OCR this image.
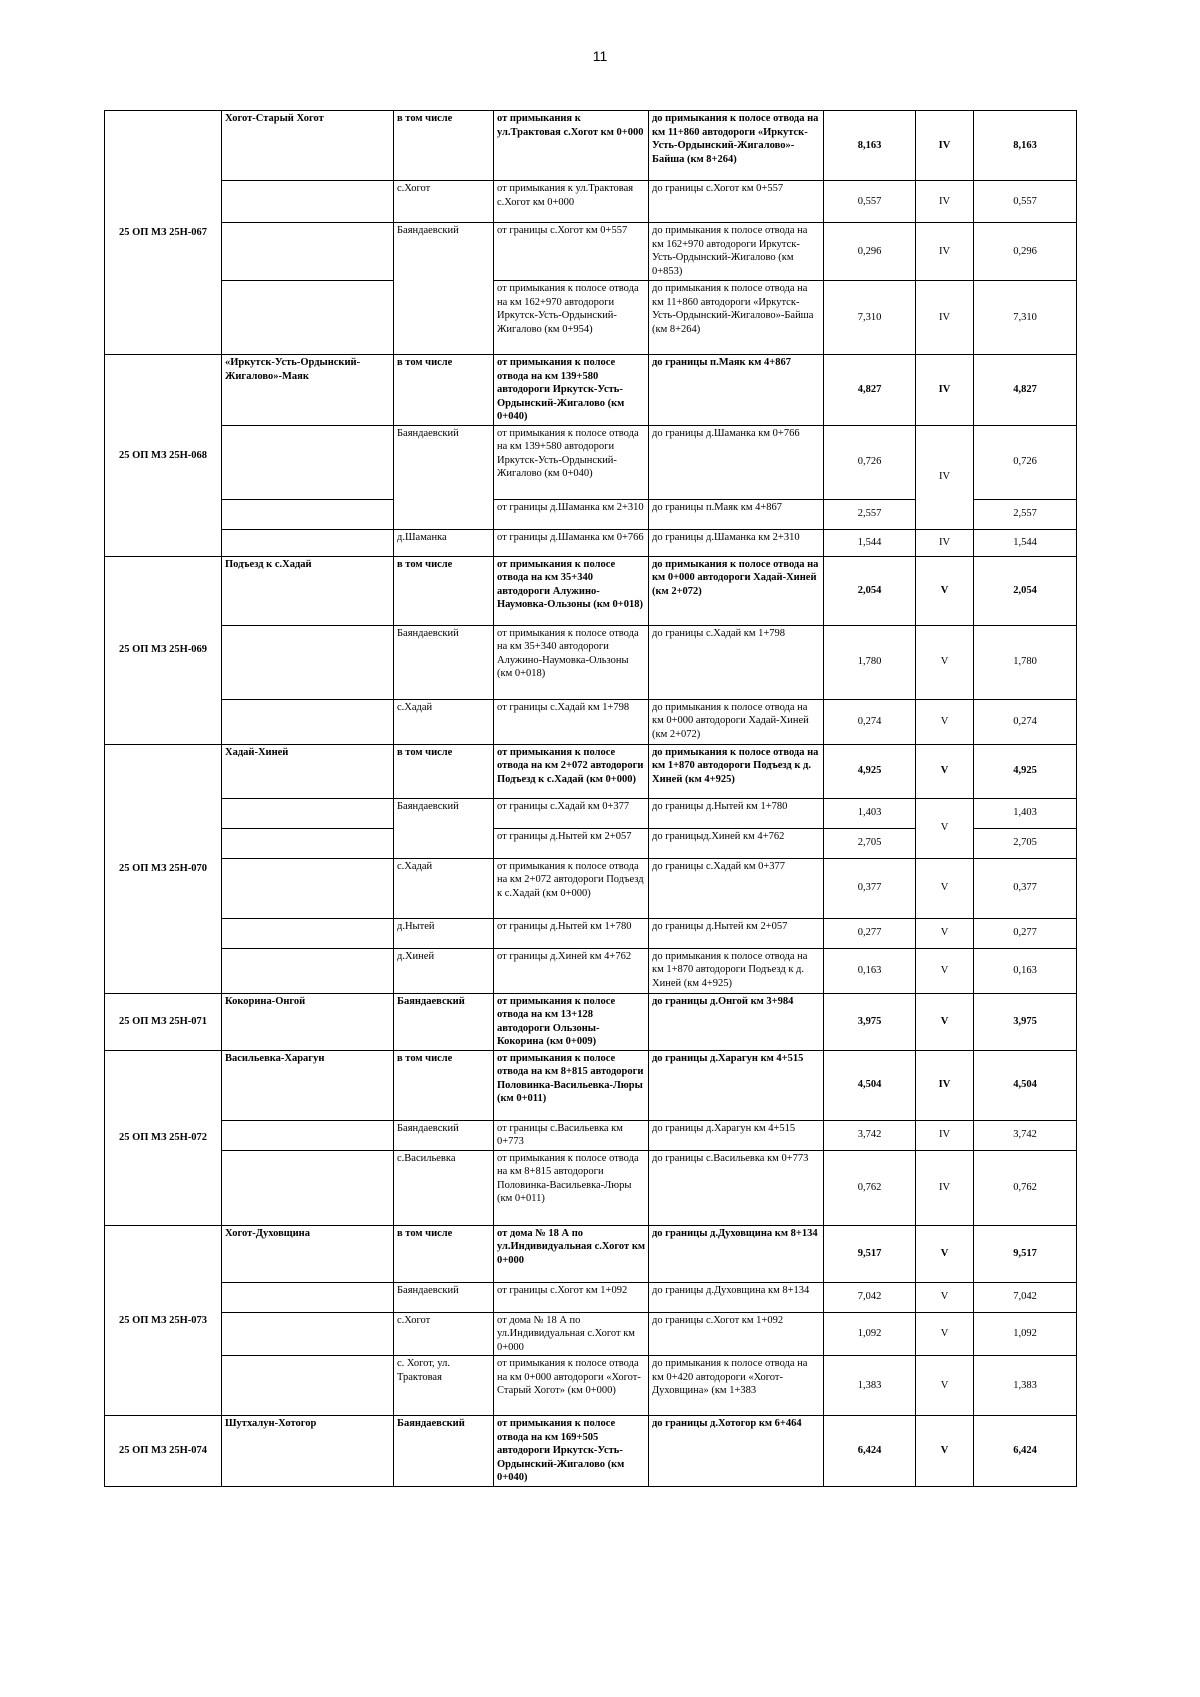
11
25 ОП МЗ 25Н-067	Хогот-Старый Хогот	в том числе	от примыкания к ул.Трактовая с.Хогот км 0+000	до примыкания к полосе отвода на км 11+860 автодороги «Иркутск-Усть-Ордынский-Жигалово»-Байша (км 8+264)	8,163	IV	8,163
		с.Хогот	от примыкания к ул.Трактовая с.Хогот км 0+000	до границы с.Хогот км 0+557	0,557	IV	0,557
		Баяндаевский	от границы с.Хогот км 0+557	до примыкания к полосе отвода на км 162+970 автодороги Иркутск-Усть-Ордынский-Жигалово (км 0+853)	0,296	IV	0,296
			от примыкания к полосе отвода на км 162+970 автодороги Иркутск-Усть-Ордынский-Жигалово (км 0+954)	до примыкания к полосе отвода на км 11+860 автодороги «Иркутск-Усть-Ордынский-Жигалово»-Байша (км 8+264)	7,310	IV	7,310
25 ОП МЗ 25Н-068	«Иркутск-Усть-Ордынский-Жигалово»-Маяк	в том числе	от примыкания к полосе отвода на км 139+580 автодороги Иркутск-Усть-Ордынский-Жигалово (км 0+040)	до границы п.Маяк км 4+867	4,827	IV	4,827
		Баяндаевский	от примыкания к полосе отвода на км 139+580 автодороги Иркутск-Усть-Ордынский-Жигалово (км 0+040)	до границы д.Шаманка км 0+766	0,726	IV	0,726
			от границы д.Шаманка км 2+310	до границы п.Маяк км 4+867	2,557		2,557
		д.Шаманка	от границы д.Шаманка км 0+766	до границы д.Шаманка км 2+310	1,544	IV	1,544
25 ОП МЗ 25Н-069	Подъезд к с.Хадай	в том числе	от примыкания к полосе отвода на км 35+340 автодороги Алужино-Наумовка-Ользоны (км 0+018)	до примыкания к полосе отвода на км 0+000 автодороги Хадай-Хиней (км 2+072)	2,054	V	2,054
		Баяндаевский	от примыкания к полосе отвода на км 35+340 автодороги Алужино-Наумовка-Ользоны (км 0+018)	до границы с.Хадай км 1+798	1,780	V	1,780
		с.Хадай	от границы с.Хадай км 1+798	до примыкания к полосе отвода на км 0+000 автодороги Хадай-Хиней (км 2+072)	0,274	V	0,274
25 ОП МЗ 25Н-070	Хадай-Хиней	в том числе	от примыкания к полосе отвода на км 2+072 автодороги Подъезд к с.Хадай (км 0+000)	до примыкания к полосе отвода на км 1+870 автодороги Подъезд к д. Хиней (км 4+925)	4,925	V	4,925
		Баяндаевский	от границы с.Хадай км 0+377	до границы д.Нытей км 1+780	1,403	V	1,403
			от границы д.Нытей км 2+057	до границыд.Хиней км 4+762	2,705		2,705
		с.Хадай	от примыкания к полосе отвода на км 2+072 автодороги Подъезд к с.Хадай (км 0+000)	до границы с.Хадай км 0+377	0,377	V	0,377
		д.Нытей	от границы д.Нытей км 1+780	до границы д.Нытей км 2+057	0,277	V	0,277
		д.Хиней	от границы д.Хиней км 4+762	до примыкания к полосе отвода на км 1+870 автодороги Подъезд к д. Хиней (км 4+925)	0,163	V	0,163
25 ОП МЗ 25Н-071	Кокорина-Онгой	Баяндаевский	от примыкания к полосе отвода на км 13+128 автодороги Ользоны-Кокорина (км 0+009)	до границы д.Онгой км 3+984	3,975	V	3,975
25 ОП МЗ 25Н-072	Васильевка-Харагун	в том числе	от примыкания к полосе отвода на км 8+815 автодороги Половинка-Васильевка-Люры (км 0+011)	до границы д.Харагун км 4+515	4,504	IV	4,504
		Баяндаевский	от границы с.Васильевка км 0+773	до границы д.Харагун км 4+515	3,742	IV	3,742
		с.Васильевка	от примыкания к полосе отвода на км 8+815 автодороги Половинка-Васильевка-Люры (км 0+011)	до границы с.Васильевка км 0+773	0,762	IV	0,762
25 ОП МЗ 25Н-073	Хогот-Духовщина	в том числе	от дома № 18 А по ул.Индивидуальная с.Хогот км 0+000	до границы д.Духовщина км 8+134	9,517	V	9,517
		Баяндаевский	от границы с.Хогот км 1+092	до границы д.Духовщина км 8+134	7,042	V	7,042
		с.Хогот	от дома № 18 А по ул.Индивидуальная с.Хогот км 0+000	до границы с.Хогот км 1+092	1,092	V	1,092
		с. Хогот, ул. Трактовая	от примыкания к полосе отвода на км 0+000 автодороги «Хогот-Старый Хогот» (км 0+000)	до примыкания к полосе отвода на км 0+420 автодороги «Хогот-Духовщина» (км 1+383	1,383	V	1,383
25 ОП МЗ 25Н-074	Шутхалун-Хотогор	Баяндаевский	от примыкания к полосе отвода на км 169+505 автодороги Иркутск-Усть-Ордынский-Жигалово (км 0+040)	до границы д.Хотогор км 6+464	6,424	V	6,424
